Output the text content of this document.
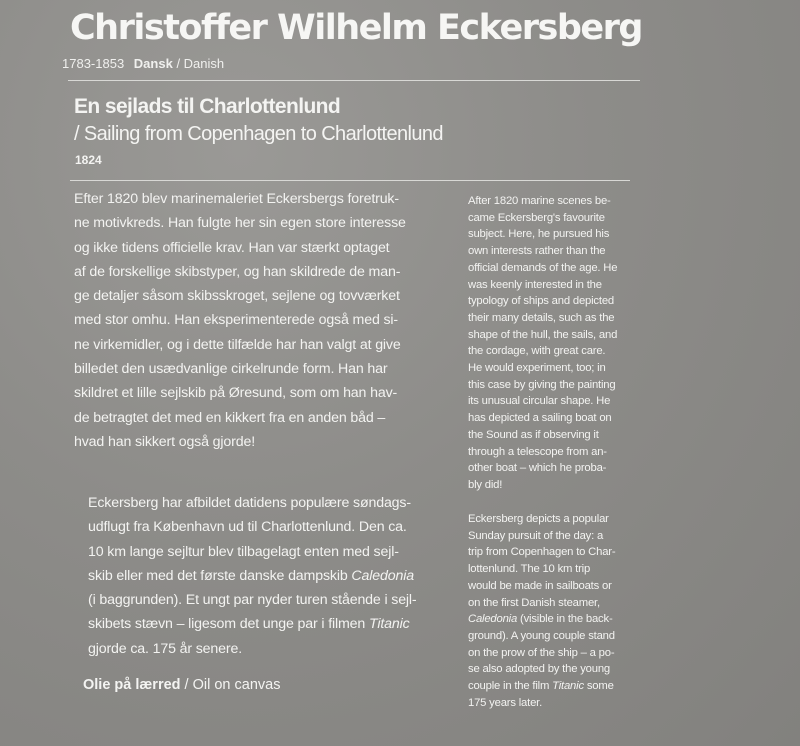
Christoffer Wilhelm Eckersberg
1783-1853 Dansk / Danish
En sejlads til Charlottenlund
/ Sailing from Copenhagen to Charlottenlund
1824
Efter 1820 blev marinemaleriet Eckersbergs foretruk-
ne motivkreds. Han fulgte her sin egen store interesse
og ikke tidens officielle krav. Han var stærkt optaget
af de forskellige skibstyper, og han skildrede de man-
ge detaljer såsom skibsskroget, sejlene og tovværket
med stor omhu. Han eksperimenterede også med si-
ne virkemidler, og i dette tilfælde har han valgt at give
billedet den usædvanlige cirkelrunde form. Han har
skildret et lille sejlskib på Øresund, som om han hav-
de betragtet det med en kikkert fra en anden båd –
hvad han sikkert også gjorde!
Eckersberg har afbildet datidens populære søndags-
udflugt fra København ud til Charlottenlund. Den ca.
10 km lange sejltur blev tilbagelagt enten med sejl-
skib eller med det første danske dampskib Caledonia
(i baggrunden). Et ungt par nyder turen stående i sejl-
skibets stævn – ligesom det unge par i filmen Titanic
gjorde ca. 175 år senere.
Olie på lærred / Oil on canvas
After 1820 marine scenes be-
came Eckersberg's favourite
subject. Here, he pursued his
own interests rather than the
official demands of the age. He
was keenly interested in the
typology of ships and depicted
their many details, such as the
shape of the hull, the sails, and
the cordage, with great care.
He would experiment, too; in
this case by giving the painting
its unusual circular shape. He
has depicted a sailing boat on
the Sound as if observing it
through a telescope from an-
other boat – which he proba-
bly did!
Eckersberg depicts a popular
Sunday pursuit of the day: a
trip from Copenhagen to Char-
lottenlund. The 10 km trip
would be made in sailboats or
on the first Danish steamer,
Caledonia (visible in the back-
ground). A young couple stand
on the prow of the ship – a po-
se also adopted by the young
couple in the film Titanic some
175 years later.
